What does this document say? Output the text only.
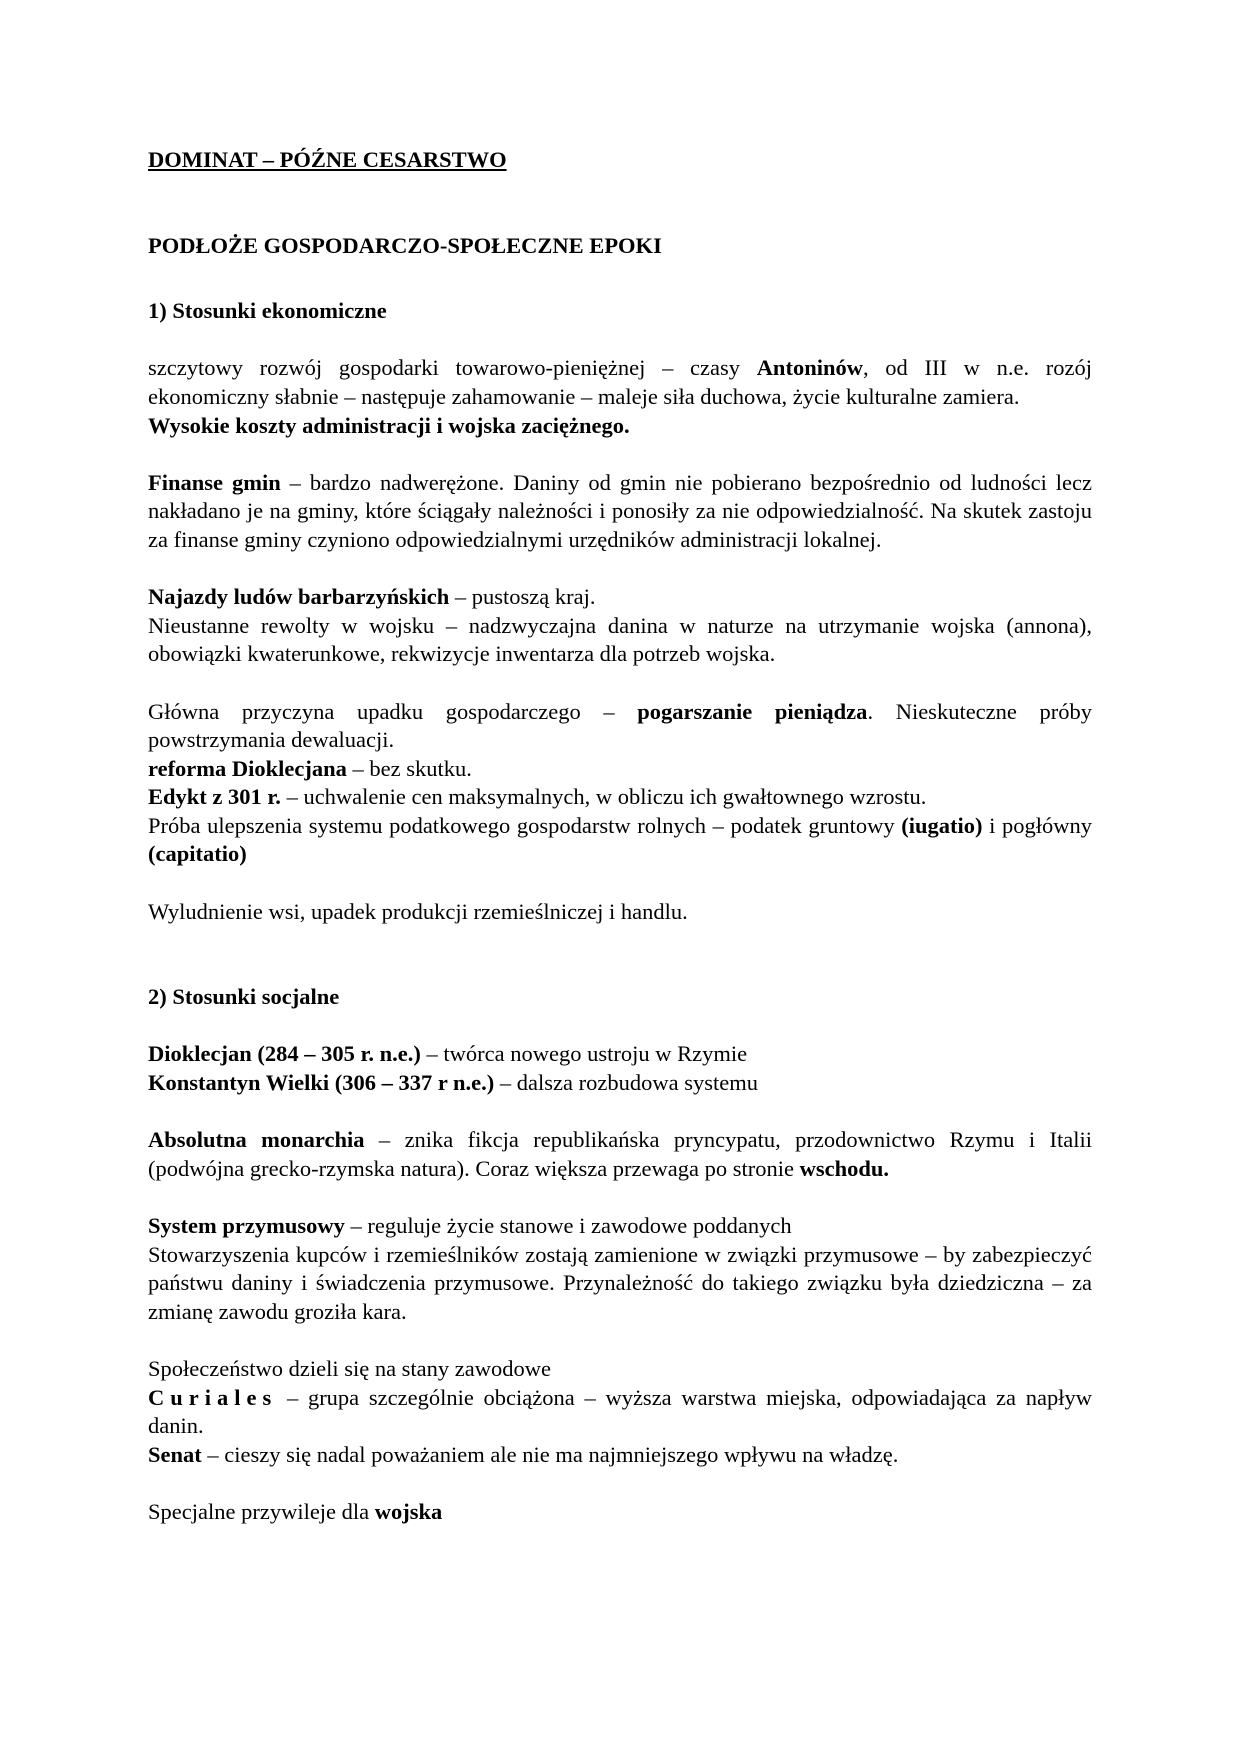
DOMINAT – PÓŹNE CESARSTWO

PODŁOŻE GOSPODARCZO-SPOŁECZNE EPOKI

1) Stosunki ekonomiczne

szczytowy rozwój gospodarki towarowo-pieniężnej – czasy Antoninów, od III w n.e. rozój ekonomiczny słabnie – następuje zahamowanie – maleje siła duchowa, życie kulturalne zamiera.

Wysokie koszty administracji i wojska zaciężnego.

Finanse gmin – bardzo nadwerężone. Daniny od gmin nie pobierano bezpośrednio od ludności lecz nakładano je na gminy, które ściągały należności i ponosiły za nie odpowiedzialność. Na skutek zastoju za finanse gminy czyniono odpowiedzialnymi urzędników administracji lokalnej.

Najazdy ludów barbarzyńskich – pustoszą kraj.

Nieustanne rewolty w wojsku – nadzwyczajna danina w naturze na utrzymanie wojska (annona), obowiązki kwaterunkowe, rekwizycje inwentarza dla potrzeb wojska.

Główna przyczyna upadku gospodarczego – pogarszanie pieniądza. Nieskuteczne próby powstrzymania dewaluacji.

reforma Dioklecjana – bez skutku.

Edykt z 301 r. – uchwalenie cen maksymalnych, w obliczu ich gwałtownego wzrostu.

Próba ulepszenia systemu podatkowego gospodarstw rolnych – podatek gruntowy (iugatio) i pogłówny (capitatio)

Wyludnienie wsi, upadek produkcji rzemieślniczej i handlu.

2) Stosunki socjalne

Dioklecjan (284 – 305 r. n.e.) – twórca nowego ustroju w Rzymie

Konstantyn Wielki (306 – 337 r n.e.) – dalsza rozbudowa systemu

Absolutna monarchia – znika fikcja republikańska pryncypatu, przodownictwo Rzymu i Italii (podwójna grecko-rzymska natura). Coraz większa przewaga po stronie wschodu.

System przymusowy – reguluje życie stanowe i zawodowe poddanych

Stowarzyszenia kupców i rzemieślników zostają zamienione w związki przymusowe – by zabezpieczyć państwu daniny i świadczenia przymusowe. Przynależność do takiego związku była dziedziczna – za zmianę zawodu groziła kara.

Społeczeństwo dzieli się na stany zawodowe

Curiales – grupa szczególnie obciążona – wyższa warstwa miejska, odpowiadająca za napływ danin.

Senat – cieszy się nadal poważaniem ale nie ma najmniejszego wpływu na władzę.

Specjalne przywileje dla wojska
